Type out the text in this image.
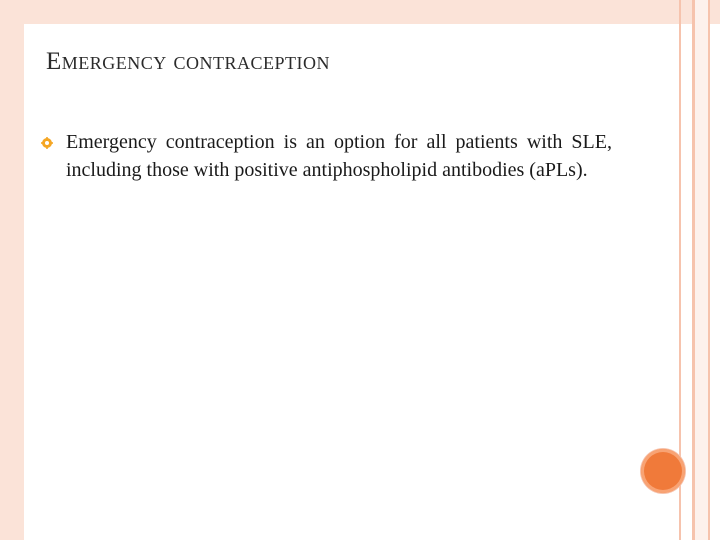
Emergency contraception
Emergency contraception is an option for all patients with SLE, including those with positive antiphospholipid antibodies (aPLs).
